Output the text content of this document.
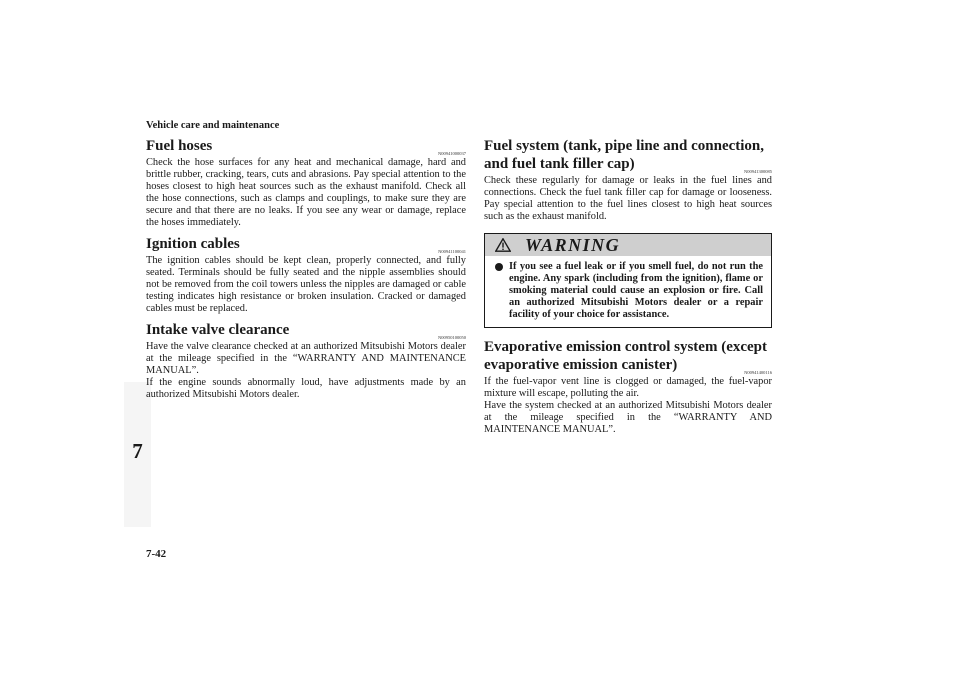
Vehicle care and maintenance
7
7-42
Fuel hoses	N00941000037

Check the hose surfaces for any heat and mechanical damage, hard and brittle rubber, cracking, tears, cuts and abrasions. Pay special attention to the hoses closest to high heat sources such as the exhaust manifold. Check all the hose connections, such as clamps and couplings, to make sure they are secure and that there are no leaks. If you see any wear or damage, replace the hoses immediately.

Ignition cables	N00941100041

The ignition cables should be kept clean, properly connected, and fully seated. Terminals should be fully seated and the nipple assemblies should not be removed from the coil towers unless the nipples are damaged or cable testing indicates high resistance or broken insulation. Cracked or damaged cables must be replaced.

Intake valve clearance	N00950100050

Have the valve clearance checked at an authorized Mitsubishi Motors dealer at the mileage specified in the “WARRANTY AND MAINTENANCE MANUAL”.

If the engine sounds abnormally loud, have adjustments made by an authorized Mitsubishi Motors dealer.

Fuel system (tank, pipe line and connection, and fuel tank filler cap)	N00941300085

Check these regularly for damage or leaks in the fuel lines and connections. Check the fuel tank filler cap for damage or looseness. Pay special attention to the fuel lines closest to high heat sources such as the exhaust manifold.

WARNING
If you see a fuel leak or if you smell fuel, do not run the engine. Any spark (including from the ignition), flame or smoking material could cause an explosion or fire. Call an authorized Mitsubishi Motors dealer or a repair facility of your choice for assistance.
Evaporative emission control system (except evaporative emission canister)	N00941400116

If the fuel-vapor vent line is clogged or damaged, the fuel-vapor mixture will escape, polluting the air.

Have the system checked at an authorized Mitsubishi Motors dealer at the mileage specified in the “WARRANTY AND MAINTENANCE MANUAL”.
